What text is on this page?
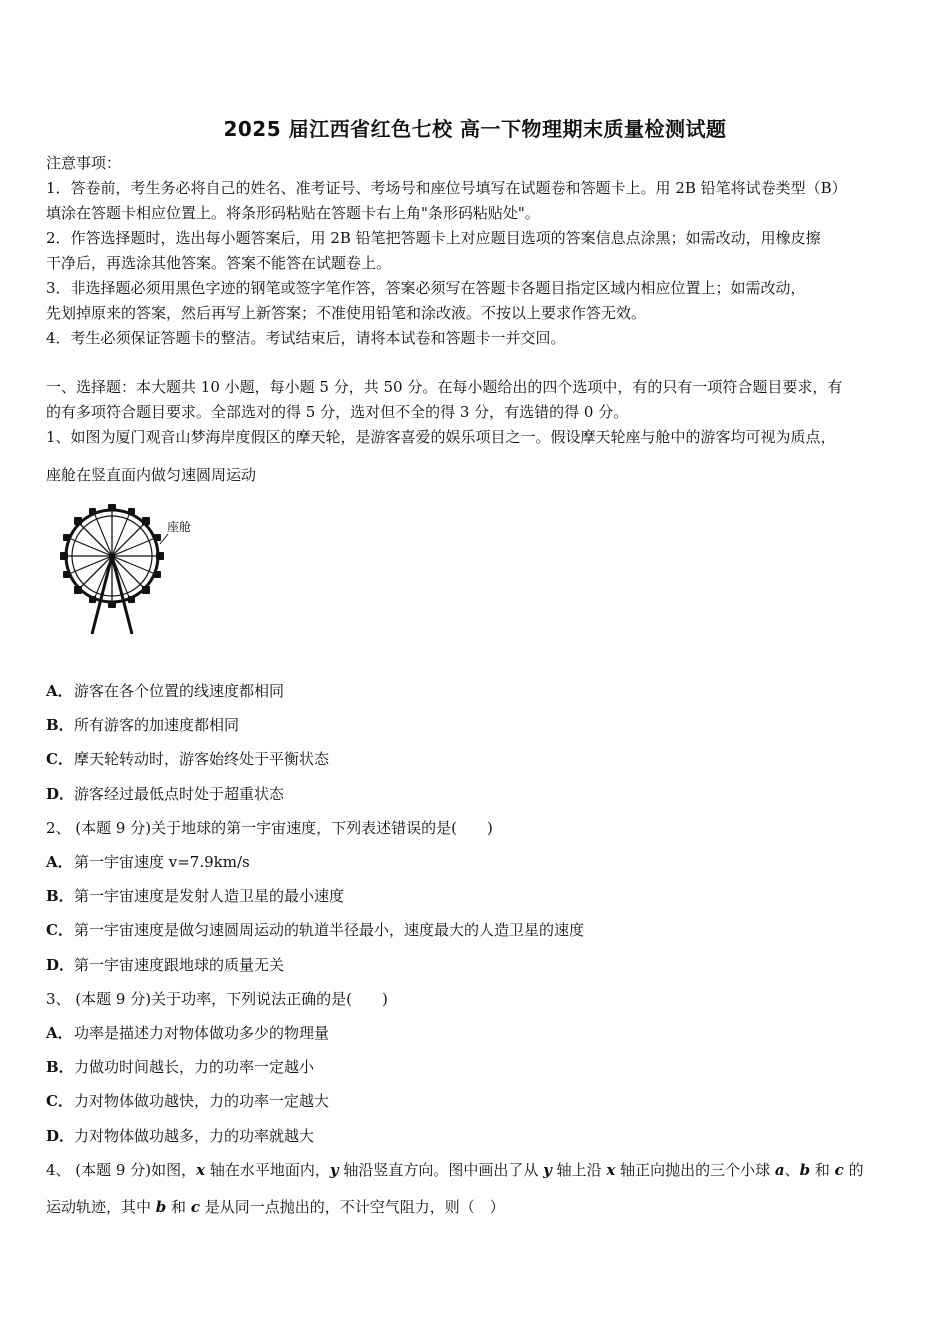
2025 届江西省红色七校 高一下物理期末质量检测试题
注意事项：
1．答卷前，考生务必将自己的姓名、准考证号、考场号和座位号填写在试题卷和答题卡上。用 2B 铅笔将试卷类型（B）
填涂在答题卡相应位置上。将条形码粘贴在答题卡右上角"条形码粘贴处"。
2．作答选择题时，选出每小题答案后，用 2B 铅笔把答题卡上对应题目选项的答案信息点涂黑；如需改动，用橡皮擦
干净后，再选涂其他答案。答案不能答在试题卷上。
3．非选择题必须用黑色字迹的钢笔或签字笔作答，答案必须写在答题卡各题目指定区域内相应位置上；如需改动，
先划掉原来的答案，然后再写上新答案；不准使用铅笔和涂改液。不按以上要求作答无效。
4．考生必须保证答题卡的整洁。考试结束后，请将本试卷和答题卡一并交回。
一、选择题：本大题共 10 小题，每小题 5 分，共 50 分。在每小题给出的四个选项中，有的只有一项符合题目要求，有
的有多项符合题目要求。全部选对的得 5 分，选对但不全的得 3 分，有选错的得 0 分。
1、如图为厦门观音山梦海岸度假区的摩天轮，是游客喜爱的娱乐项目之一。假设摩天轮座与舱中的游客均可视为质点，
座舱在竖直面内做匀速圆周运动
座舱
A．游客在各个位置的线速度都相同
B．所有游客的加速度都相同
C．摩天轮转动时，游客始终处于平衡状态
D．游客经过最低点时处于超重状态
2、 (本题 9 分)关于地球的第一宇宙速度，下列表述错误的是(　　)
A．第一宇宙速度 v=7.9km/s
B．第一宇宙速度是发射人造卫星的最小速度
C．第一宇宙速度是做匀速圆周运动的轨道半径最小，速度最大的人造卫星的速度
D．第一宇宙速度跟地球的质量无关
3、 (本题 9 分)关于功率，下列说法正确的是(　　)
A．功率是描述力对物体做功多少的物理量
B．力做功时间越长，力的功率一定越小
C．力对物体做功越快，力的功率一定越大
D．力对物体做功越多，力的功率就越大
4、 (本题 9 分)如图，x 轴在水平地面内，y 轴沿竖直方向。图中画出了从 y 轴上沿 x 轴正向抛出的三个小球 a、b 和 c 的
运动轨迹，其中 b 和 c 是从同一点抛出的，不计空气阻力，则（　）
